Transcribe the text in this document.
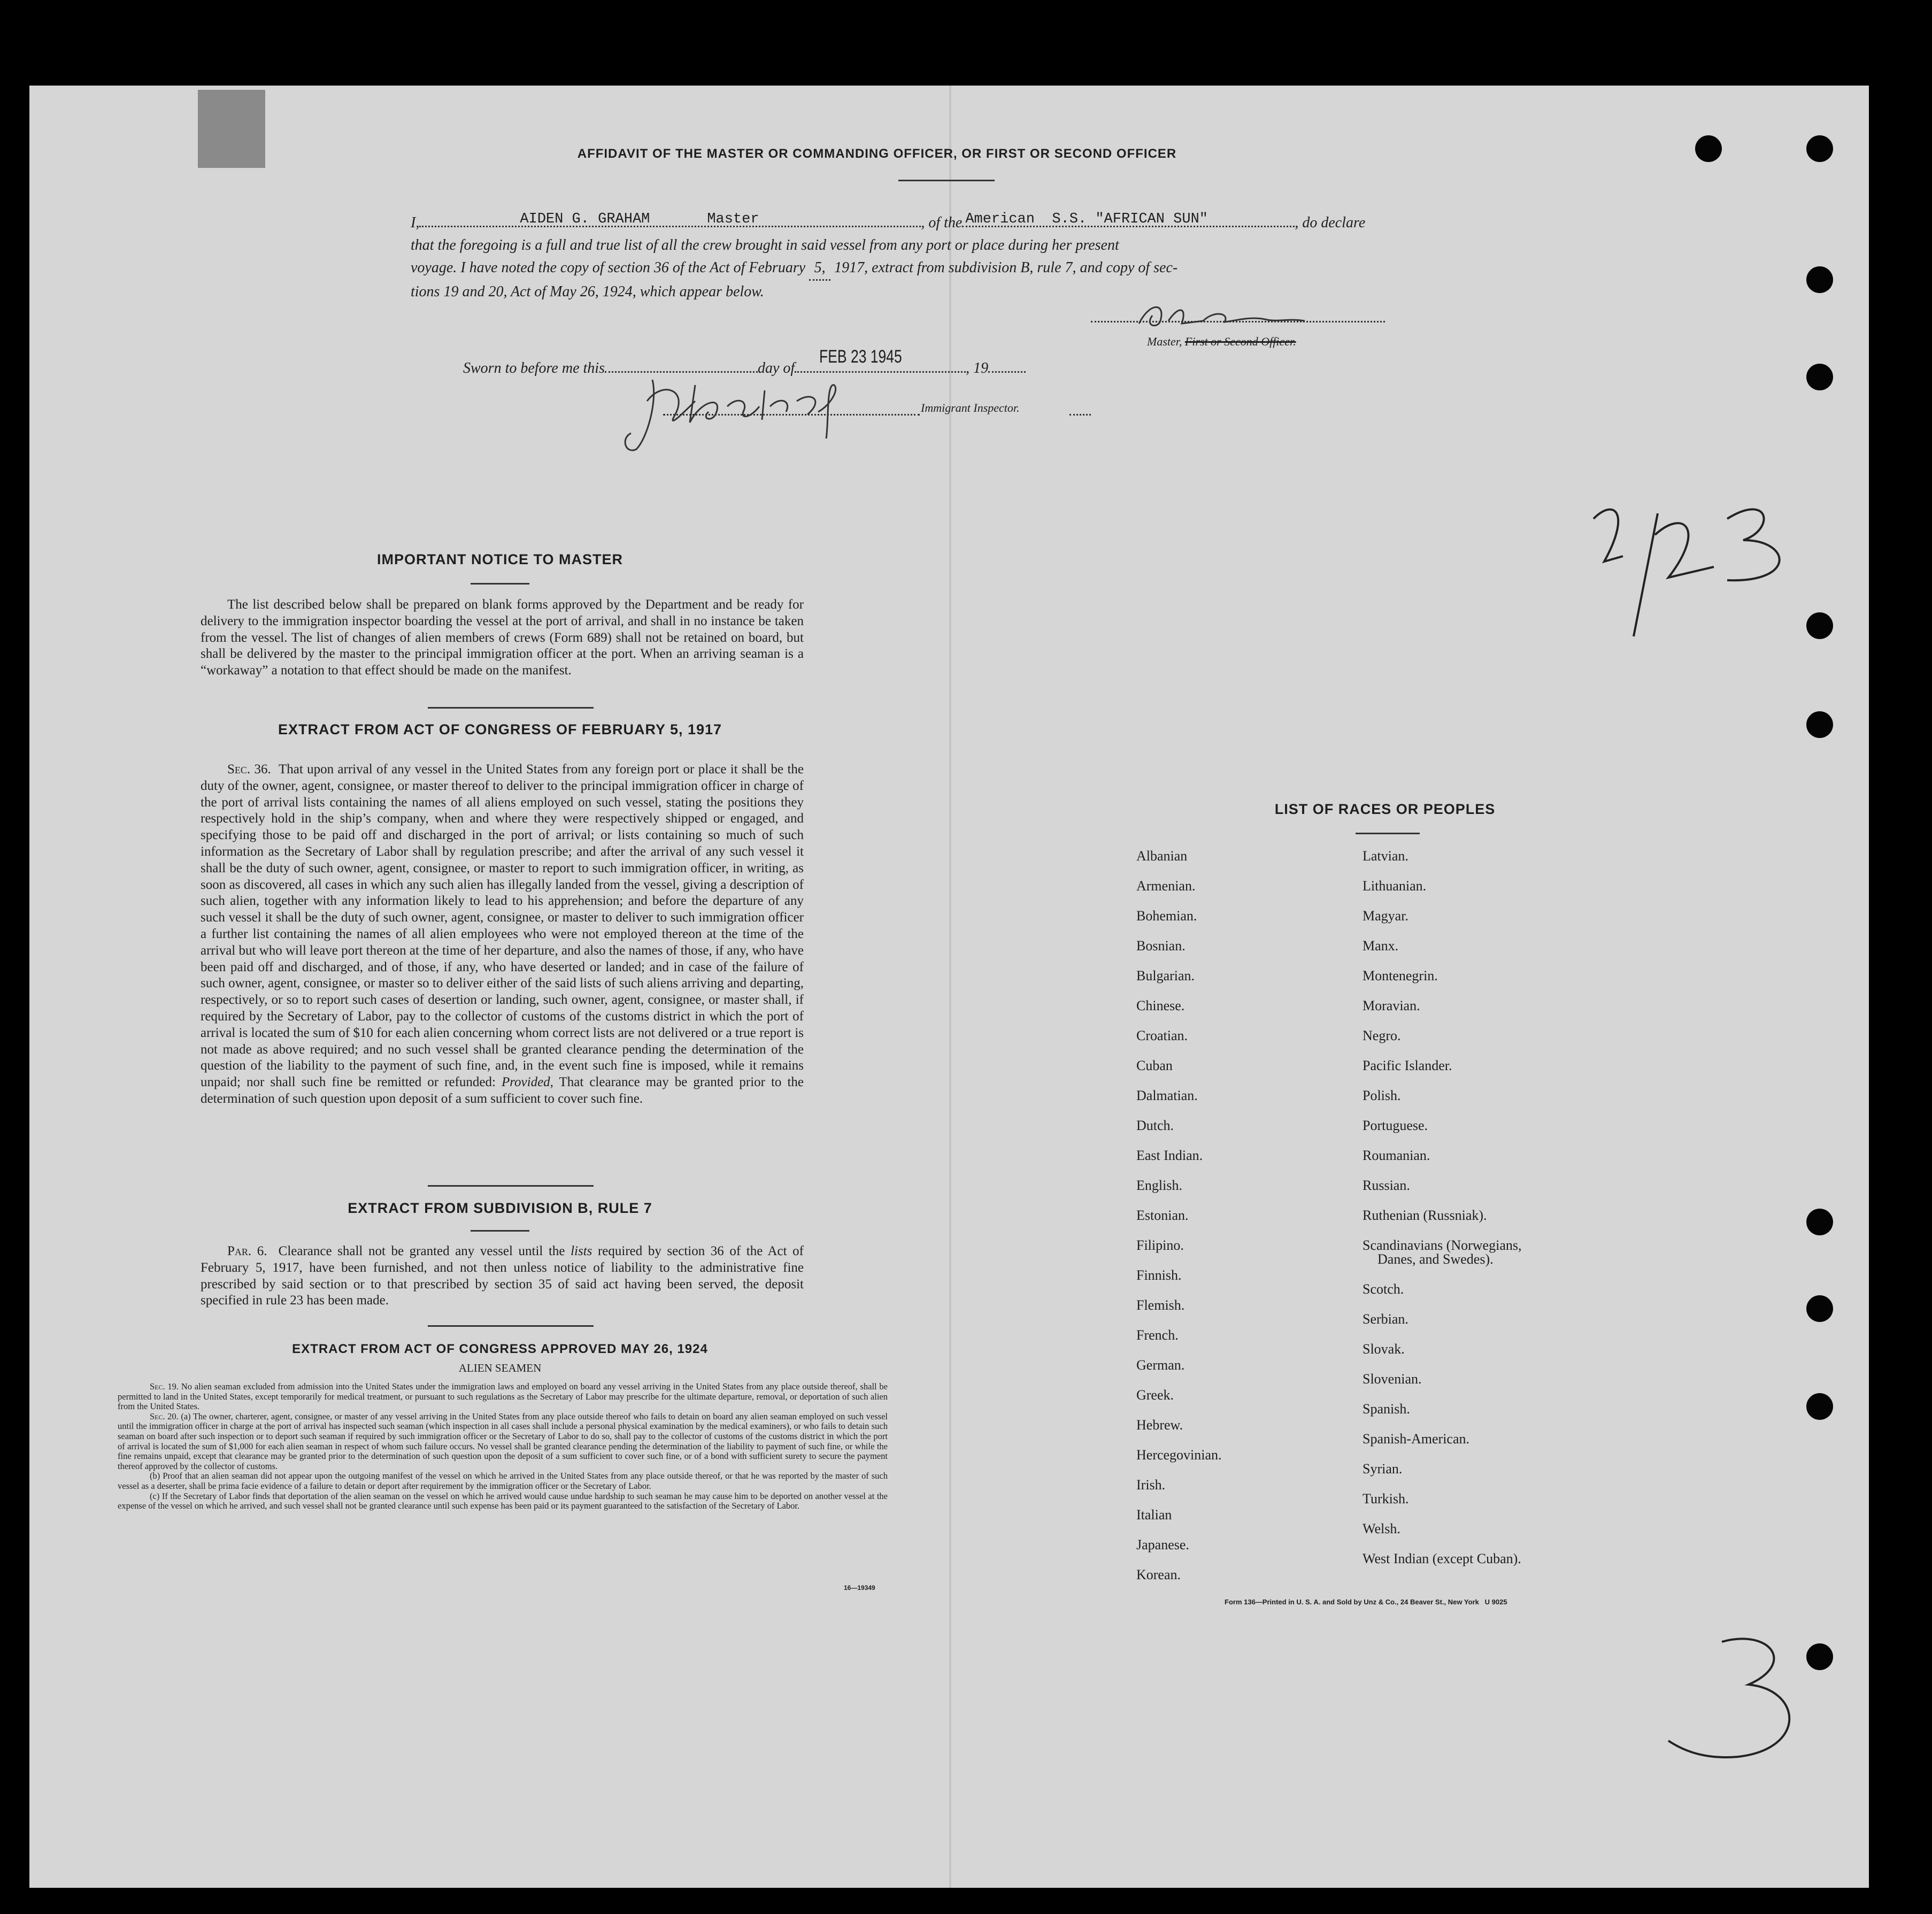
AFFIDAVIT OF THE MASTER OR COMMANDING OFFICER, OR FIRST OR SECOND OFFICER
I,	AIDEN G. GRAHAM	Master	, of the American S.S. "AFRICAN SUN"	, do declare
that the foregoing is a full and true list of all the crew brought in said vessel from any port or place during her present
voyage. I have noted the copy of section 36 of the Act of February 5, 1917, extract from subdivision B, rule 7, and copy of sec-
tions 19 and 20, Act of May 26, 1924, which appear below.
Master, First or Second Officer.
Sworn to before me this	day of
FEB 23 1945
, 19
Immigrant Inspector.
IMPORTANT NOTICE TO MASTER
The list described below shall be prepared on blank forms approved by the Department and be ready for delivery to the immigration inspector boarding the vessel at the port of arrival, and shall in no instance be taken from the vessel. The list of changes of alien members of crews (Form 689) shall not be retained on board, but shall be delivered by the master to the principal immigration officer at the port. When an arriving seaman is a “workaway” a notation to that effect should be made on the manifest.
EXTRACT FROM ACT OF CONGRESS OF FEBRUARY 5, 1917
Sec. 36. That upon arrival of any vessel in the United States from any foreign port or place it shall be the duty of the owner, agent, consignee, or master thereof to deliver to the principal immigration officer in charge of the port of arrival lists containing the names of all aliens employed on such vessel, stating the positions they respectively hold in the ship’s company, when and where they were respectively shipped or engaged, and specifying those to be paid off and discharged in the port of arrival; or lists containing so much of such information as the Secretary of Labor shall by regulation prescribe; and after the arrival of any such vessel it shall be the duty of such owner, agent, consignee, or master to report to such immigration officer, in writing, as soon as discovered, all cases in which any such alien has illegally landed from the vessel, giving a description of such alien, together with any information likely to lead to his apprehension; and before the departure of any such vessel it shall be the duty of such owner, agent, consignee, or master to deliver to such immigration officer a further list containing the names of all alien employees who were not employed thereon at the time of the arrival but who will leave port thereon at the time of her departure, and also the names of those, if any, who have been paid off and discharged, and of those, if any, who have deserted or landed; and in case of the failure of such owner, agent, consignee, or master so to deliver either of the said lists of such aliens arriving and departing, respectively, or so to report such cases of desertion or landing, such owner, agent, consignee, or master shall, if required by the Secretary of Labor, pay to the collector of customs of the customs district in which the port of arrival is located the sum of $10 for each alien concerning whom correct lists are not delivered or a true report is not made as above required; and no such vessel shall be granted clearance pending the determination of the question of the liability to the payment of such fine, and, in the event such fine is imposed, while it remains unpaid; nor shall such fine be remitted or refunded: Provided, That clearance may be granted prior to the determination of such question upon deposit of a sum sufficient to cover such fine.
EXTRACT FROM SUBDIVISION B, RULE 7
Par. 6. Clearance shall not be granted any vessel until the lists required by section 36 of the Act of February 5, 1917, have been furnished, and not then unless notice of liability to the administrative fine prescribed by said section or to that prescribed by section 35 of said act having been served, the deposit specified in rule 23 has been made.
EXTRACT FROM ACT OF CONGRESS APPROVED MAY 26, 1924
ALIEN SEAMEN
Sec. 19. No alien seaman excluded from admission into the United States under the immigration laws and employed on board any vessel arriving in the United States from any place outside thereof, shall be permitted to land in the United States, except temporarily for medical treatment, or pursuant to such regulations as the Secretary of Labor may prescribe for the ultimate departure, removal, or deportation of such alien from the United States.
Sec. 20. (a) The owner, charterer, agent, consignee, or master of any vessel arriving in the United States from any place outside thereof who fails to detain on board any alien seaman employed on such vessel until the immigration officer in charge at the port of arrival has inspected such seaman (which inspection in all cases shall include a personal physical examination by the medical examiners), or who fails to detain such seaman on board after such inspection or to deport such seaman if required by such immigration officer or the Secretary of Labor to do so, shall pay to the collector of customs of the customs district in which the port of arrival is located the sum of $1,000 for each alien seaman in respect of whom such failure occurs. No vessel shall be granted clearance pending the determination of the liability to payment of such fine, or while the fine remains unpaid, except that clearance may be granted prior to the determination of such question upon the deposit of a sum sufficient to cover such fine, or of a bond with sufficient surety to secure the payment thereof approved by the collector of customs.
(b) Proof that an alien seaman did not appear upon the outgoing manifest of the vessel on which he arrived in the United States from any place outside thereof, or that he was reported by the master of such vessel as a deserter, shall be prima facie evidence of a failure to detain or deport after requirement by the immigration officer or the Secretary of Labor.
(c) If the Secretary of Labor finds that deportation of the alien seaman on the vessel on which he arrived would cause undue hardship to such seaman he may cause him to be deported on another vessel at the expense of the vessel on which he arrived, and such vessel shall not be granted clearance until such expense has been paid or its payment guaranteed to the satisfaction of the Secretary of Labor.
16—19349
LIST OF RACES OR PEOPLES
Albanian
Armenian.
Bohemian.
Bosnian.
Bulgarian.
Chinese.
Croatian.
Cuban
Dalmatian.
Dutch.
East Indian.
English.
Estonian.
Filipino.
Finnish.
Flemish.
French.
German.
Greek.
Hebrew.
Hercegovinian.
Irish.
Italian
Japanese.
Korean.
Latvian.
Lithuanian.
Magyar.
Manx.
Montenegrin.
Moravian.
Negro.
Pacific Islander.
Polish.
Portuguese.
Roumanian.
Russian.
Ruthenian (Russniak).
Scandinavians (Norwegians,
Danes, and Swedes).
Scotch.
Serbian.
Slovak.
Slovenian.
Spanish.
Spanish-American.
Syrian.
Turkish.
Welsh.
West Indian (except Cuban).
Form 136—Printed in U. S. A. and Sold by Unz & Co., 24 Beaver St., New York   U 9025
